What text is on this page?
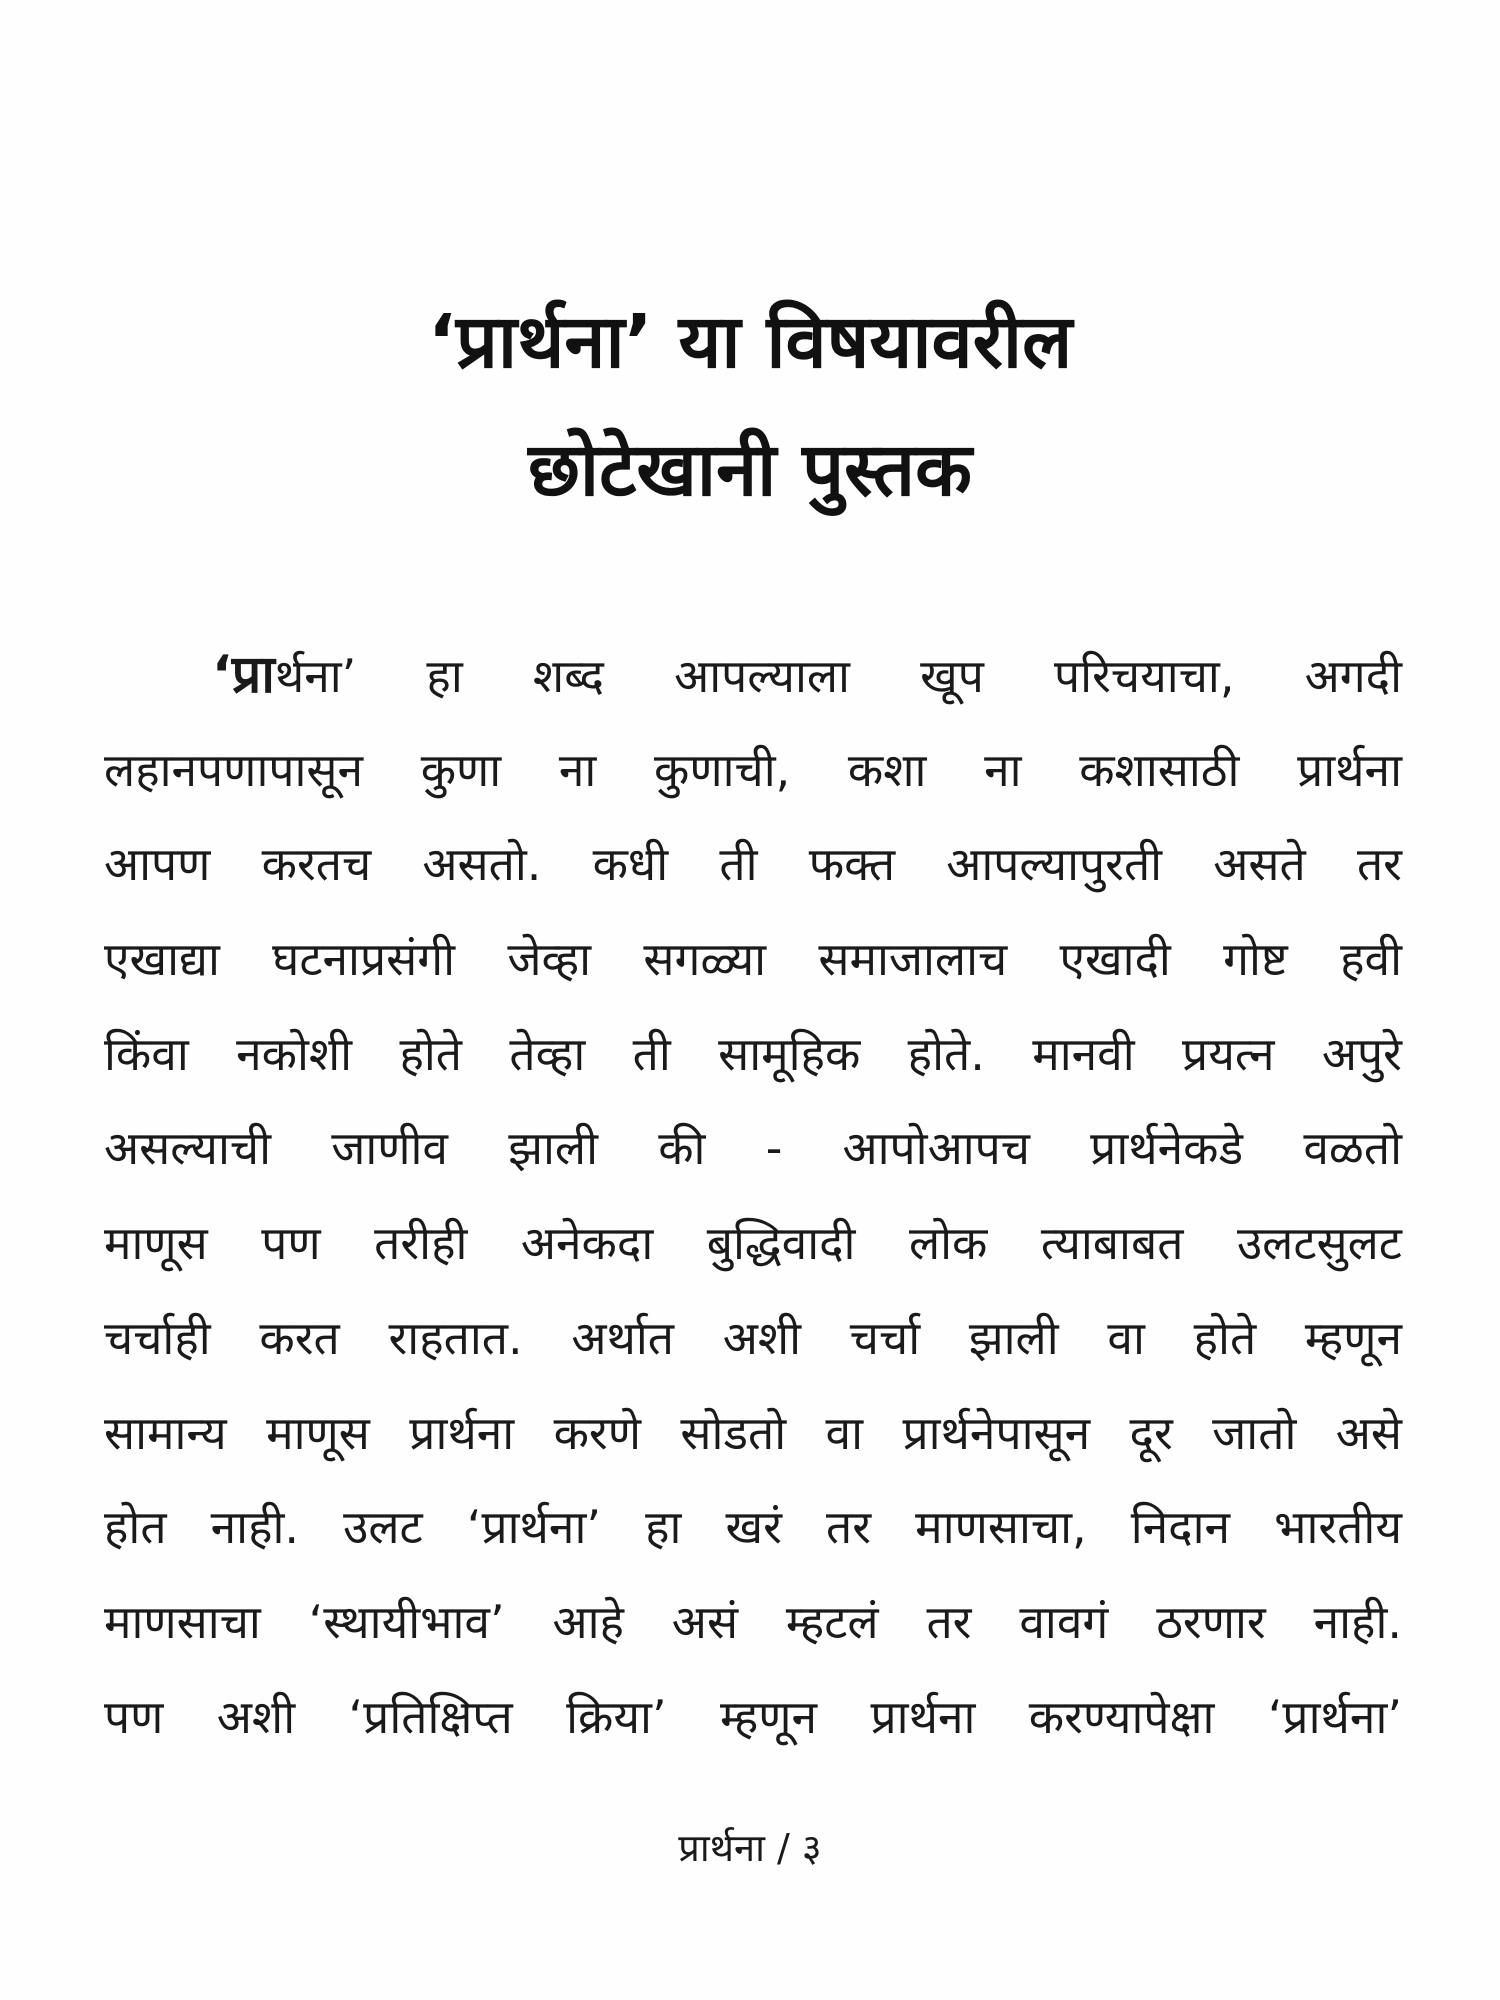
‘प्रार्थना’ या विषयावरील
छोटेखानी पुस्तक
‘प्रार्थना’ हा शब्द आपल्याला खूप परिचयाचा, अगदी
लहानपणापासून कुणा ना कुणाची, कशा ना कशासाठी प्रार्थना
आपण करतच असतो. कधी ती फक्त आपल्यापुरती असते तर
एखाद्या घटनाप्रसंगी जेव्हा सगळ्या समाजालाच एखादी गोष्ट हवी
किंवा नकोशी होते तेव्हा ती सामूहिक होते. मानवी प्रयत्न अपुरे
असल्याची जाणीव झाली की - आपोआपच प्रार्थनेकडे वळतो
माणूस पण तरीही अनेकदा बुद्धिवादी लोक त्याबाबत उलटसुलट
चर्चाही करत राहतात. अर्थात अशी चर्चा झाली वा होते म्हणून
सामान्य माणूस प्रार्थना करणे सोडतो वा प्रार्थनेपासून दूर जातो असे
होत नाही. उलट ‘प्रार्थना’ हा खरं तर माणसाचा, निदान भारतीय
माणसाचा ‘स्थायीभाव’ आहे असं म्हटलं तर वावगं ठरणार नाही.
पण अशी ‘प्रतिक्षिप्त क्रिया’ म्हणून प्रार्थना करण्यापेक्षा ‘प्रार्थना’
प्रार्थना / ३
